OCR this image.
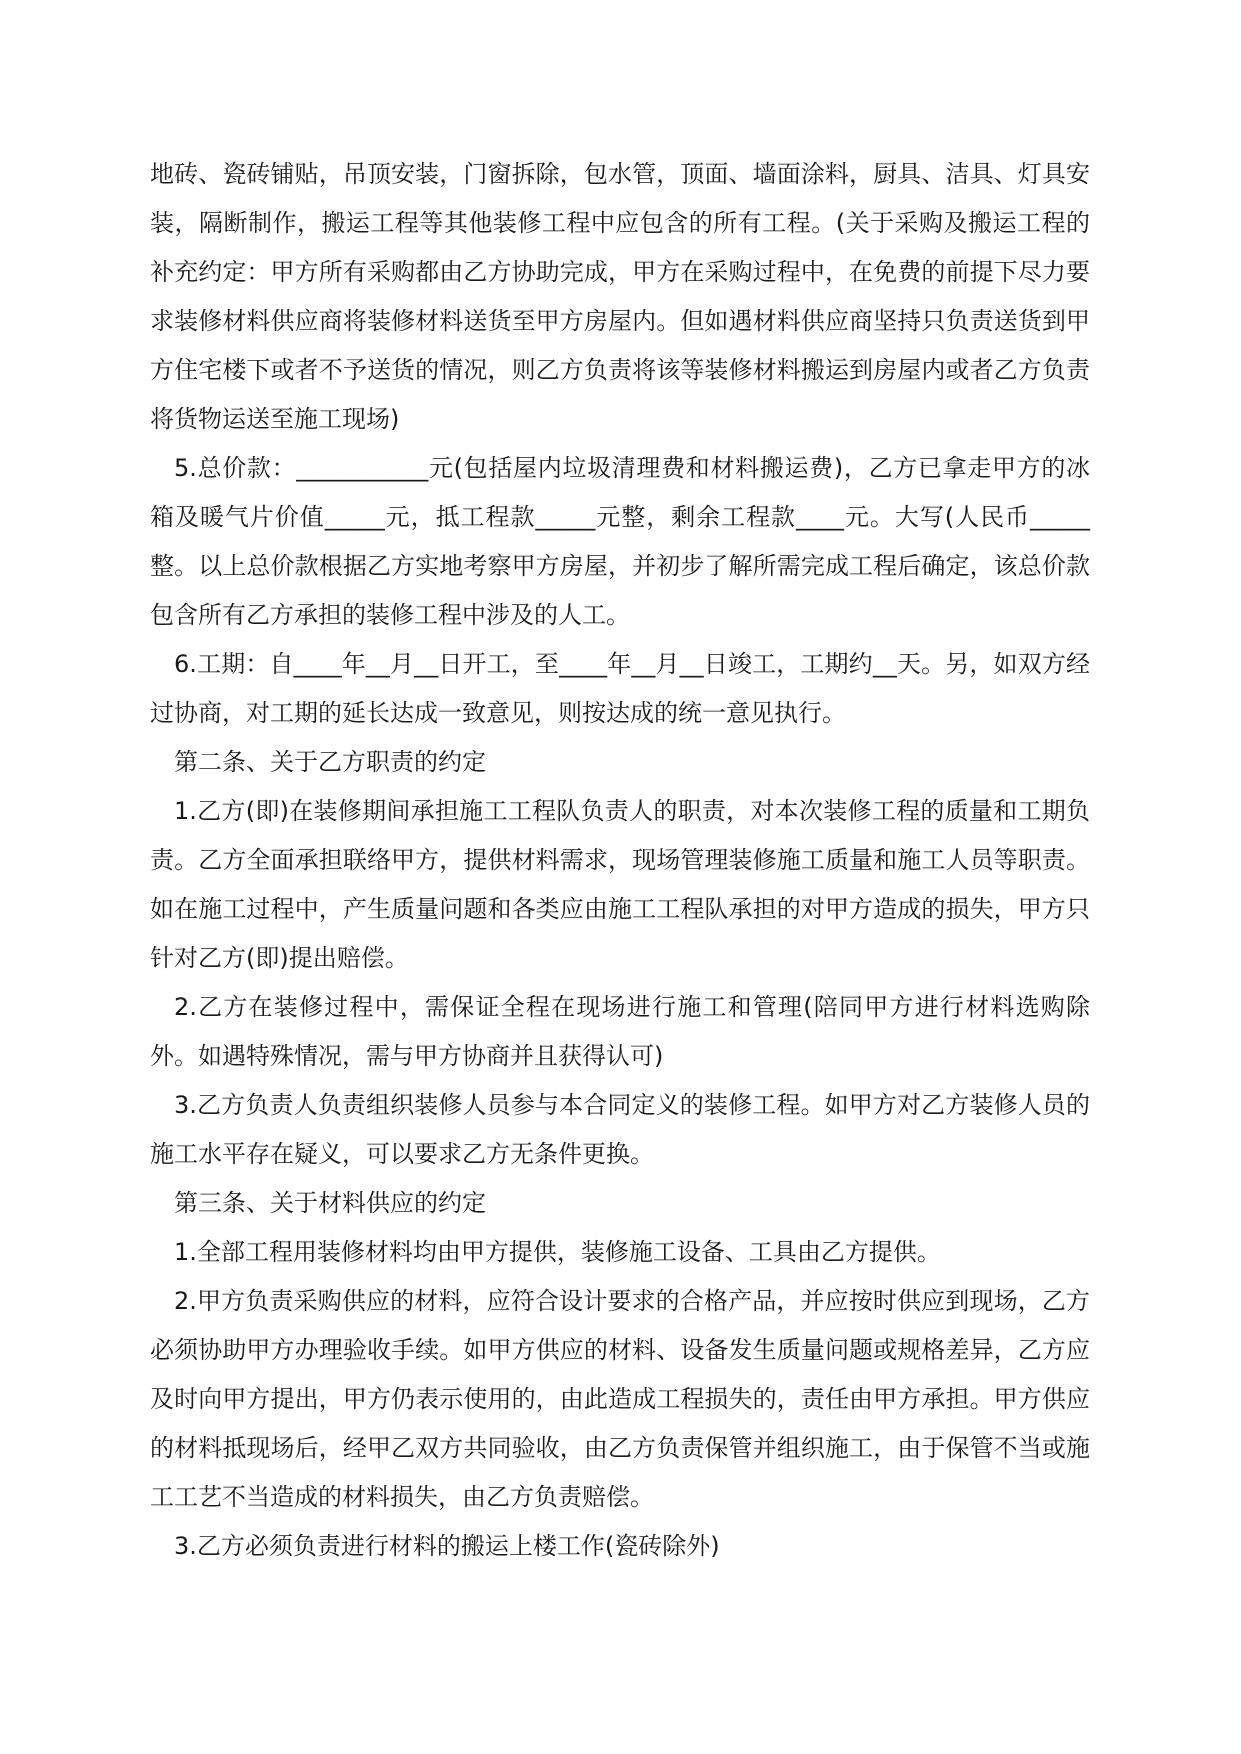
地砖、瓷砖铺贴，吊顶安装，门窗拆除，包水管，顶面、墙面涂料，厨具、洁具、灯具安装，隔断制作，搬运工程等其他装修工程中应包含的所有工程。(关于采购及搬运工程的补充约定：甲方所有采购都由乙方协助完成，甲方在采购过程中，在免费的前提下尽力要求装修材料供应商将装修材料送货至甲方房屋内。但如遇材料供应商坚持只负责送货到甲方住宅楼下或者不予送货的情况，则乙方负责将该等装修材料搬运到房屋内或者乙方负责将货物运送至施工现场)

5.总价款：___________元(包括屋内垃圾清理费和材料搬运费)，乙方已拿走甲方的冰箱及暖气片价值_____元，抵工程款_____元整，剩余工程款____元。大写(人民币_____整。以上总价款根据乙方实地考察甲方房屋，并初步了解所需完成工程后确定，该总价款包含所有乙方承担的装修工程中涉及的人工。

6.工期：自____年__月__日开工，至____年__月__日竣工，工期约__天。另，如双方经过协商，对工期的延长达成一致意见，则按达成的统一意见执行。

第二条、关于乙方职责的约定

1.乙方(即)在装修期间承担施工工程队负责人的职责，对本次装修工程的质量和工期负责。乙方全面承担联络甲方，提供材料需求，现场管理装修施工质量和施工人员等职责。如在施工过程中，产生质量问题和各类应由施工工程队承担的对甲方造成的损失，甲方只针对乙方(即)提出赔偿。

2.乙方在装修过程中，需保证全程在现场进行施工和管理(陪同甲方进行材料选购除外。如遇特殊情况，需与甲方协商并且获得认可)

3.乙方负责人负责组织装修人员参与本合同定义的装修工程。如甲方对乙方装修人员的施工水平存在疑义，可以要求乙方无条件更换。

第三条、关于材料供应的约定

1.全部工程用装修材料均由甲方提供，装修施工设备、工具由乙方提供。

2.甲方负责采购供应的材料，应符合设计要求的合格产品，并应按时供应到现场，乙方必须协助甲方办理验收手续。如甲方供应的材料、设备发生质量问题或规格差异，乙方应及时向甲方提出，甲方仍表示使用的，由此造成工程损失的，责任由甲方承担。甲方供应的材料抵现场后，经甲乙双方共同验收，由乙方负责保管并组织施工，由于保管不当或施工工艺不当造成的材料损失，由乙方负责赔偿。

3.乙方必须负责进行材料的搬运上楼工作(瓷砖除外)
